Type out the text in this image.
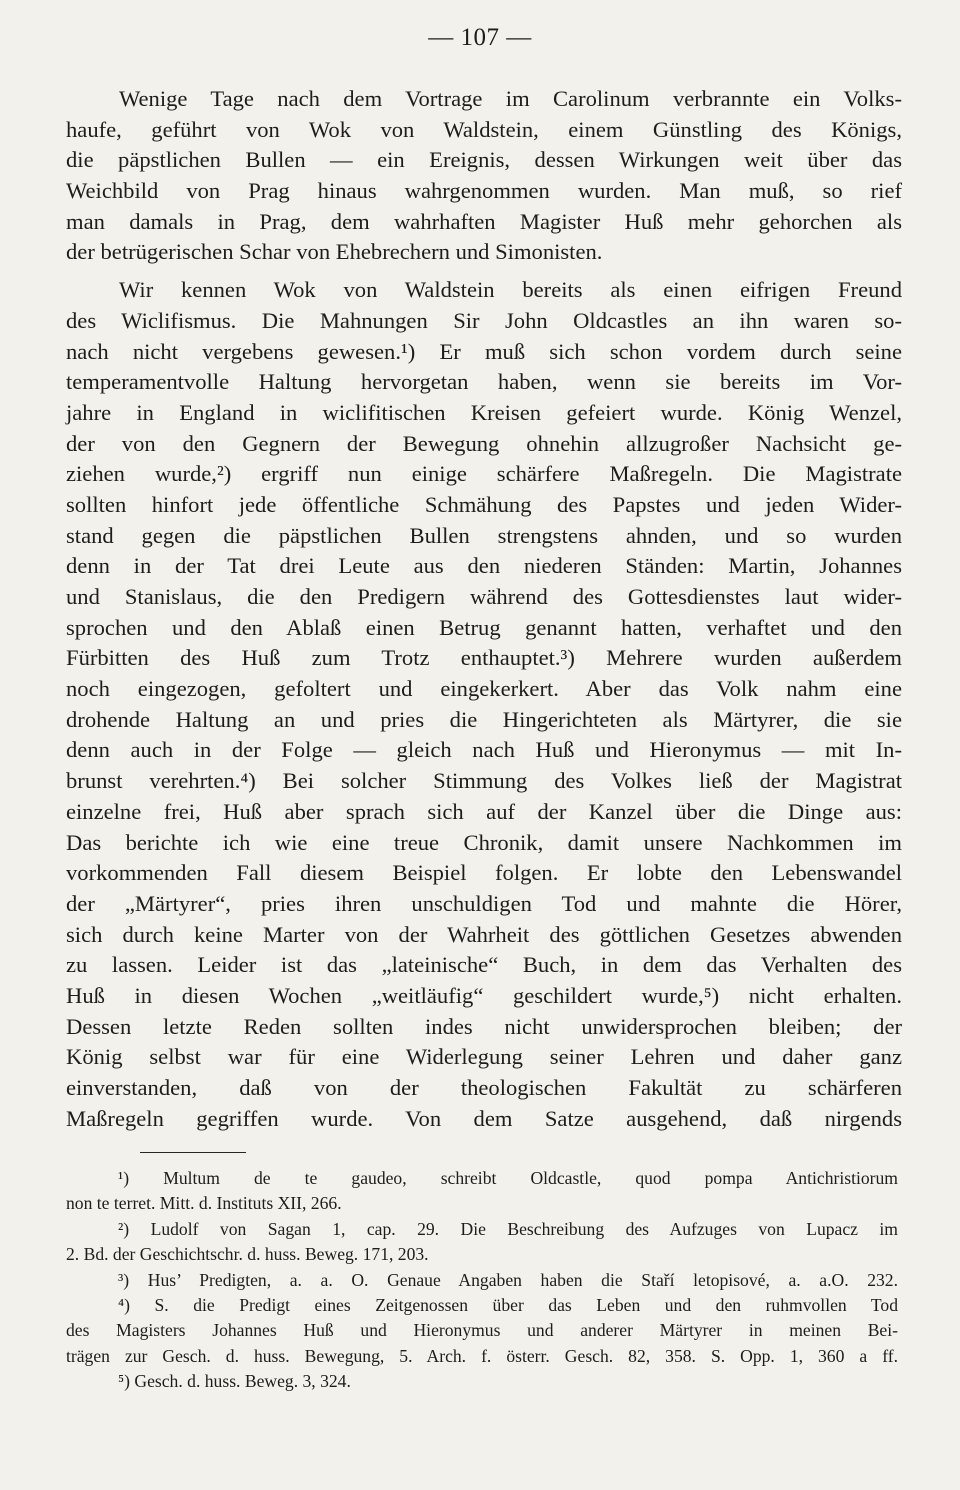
— 107 —
Wenige Tage nach dem Vortrage im Carolinum verbrannte ein Volks-
haufe, geführt von Wok von Waldstein, einem Günstling des Königs,
die päpstlichen Bullen — ein Ereignis, dessen Wirkungen weit über das
Weichbild von Prag hinaus wahrgenommen wurden. Man muß, so rief
man damals in Prag, dem wahrhaften Magister Huß mehr gehorchen als
der betrügerischen Schar von Ehebrechern und Simonisten.
Wir kennen Wok von Waldstein bereits als einen eifrigen Freund
des Wiclifismus. Die Mahnungen Sir John Oldcastles an ihn waren so-
nach nicht vergebens gewesen.¹) Er muß sich schon vordem durch seine
temperamentvolle Haltung hervorgetan haben, wenn sie bereits im Vor-
jahre in England in wiclifitischen Kreisen gefeiert wurde. König Wenzel,
der von den Gegnern der Bewegung ohnehin allzugroßer Nachsicht ge-
ziehen wurde,²) ergriff nun einige schärfere Maßregeln. Die Magistrate
sollten hinfort jede öffentliche Schmähung des Papstes und jeden Wider-
stand gegen die päpstlichen Bullen strengstens ahnden, und so wurden
denn in der Tat drei Leute aus den niederen Ständen: Martin, Johannes
und Stanislaus, die den Predigern während des Gottesdienstes laut wider-
sprochen und den Ablaß einen Betrug genannt hatten, verhaftet und den
Fürbitten des Huß zum Trotz enthauptet.³) Mehrere wurden außerdem
noch eingezogen, gefoltert und eingekerkert. Aber das Volk nahm eine
drohende Haltung an und pries die Hingerichteten als Märtyrer, die sie
denn auch in der Folge — gleich nach Huß und Hieronymus — mit In-
brunst verehrten.⁴) Bei solcher Stimmung des Volkes ließ der Magistrat
einzelne frei, Huß aber sprach sich auf der Kanzel über die Dinge aus:
Das berichte ich wie eine treue Chronik, damit unsere Nachkommen im
vorkommenden Fall diesem Beispiel folgen. Er lobte den Lebenswandel
der „Märtyrer“, pries ihren unschuldigen Tod und mahnte die Hörer,
sich durch keine Marter von der Wahrheit des göttlichen Gesetzes abwenden
zu lassen. Leider ist das „lateinische“ Buch, in dem das Verhalten des
Huß in diesen Wochen „weitläufig“ geschildert wurde,⁵) nicht erhalten.
Dessen letzte Reden sollten indes nicht unwidersprochen bleiben; der
König selbst war für eine Widerlegung seiner Lehren und daher ganz
einverstanden, daß von der theologischen Fakultät zu schärferen
Maßregeln gegriffen wurde. Von dem Satze ausgehend, daß nirgends
¹) Multum de te gaudeo, schreibt Oldcastle, quod pompa Antichristiorum
non te terret. Mitt. d. Instituts XII, 266.
²) Ludolf von Sagan 1, cap. 29. Die Beschreibung des Aufzuges von Lupacz im
2. Bd. der Geschichtschr. d. huss. Beweg. 171, 203.
³) Hus’ Predigten, a. a. O. Genaue Angaben haben die Staří letopisové, a. a.O. 232.
⁴) S. die Predigt eines Zeitgenossen über das Leben und den ruhmvollen Tod
des Magisters Johannes Huß und Hieronymus und anderer Märtyrer in meinen Bei-
trägen zur Gesch. d. huss. Bewegung, 5. Arch. f. österr. Gesch. 82, 358. S. Opp. 1, 360 a ff.
⁵) Gesch. d. huss. Beweg. 3, 324.
